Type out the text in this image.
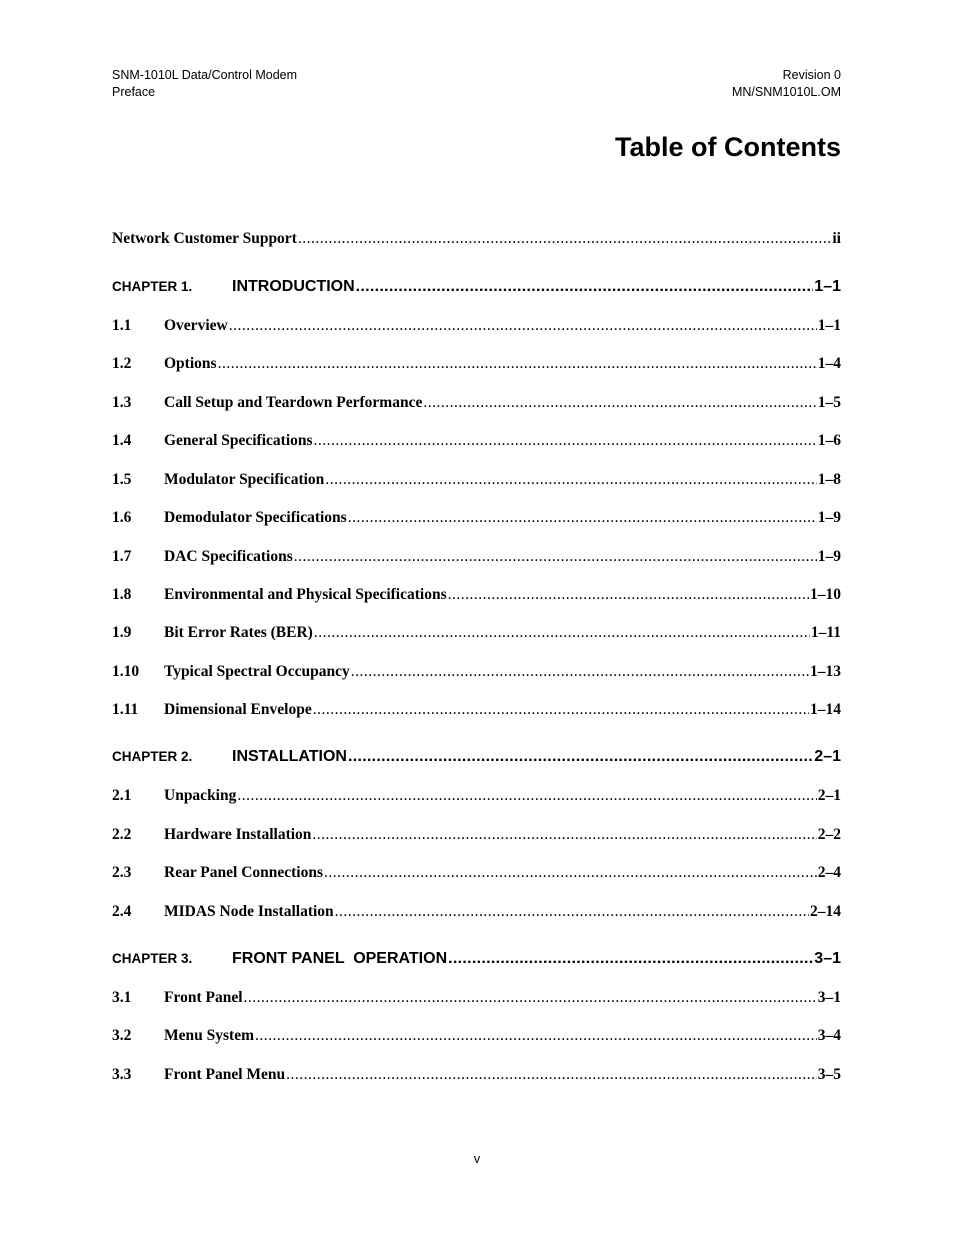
SNM-1010L Data/Control Modem
Preface
Revision 0
MN/SNM1010L.OM
Table of Contents
Network Customer Support .....	ii
CHAPTER 1.	INTRODUCTION .....	1–1
1.1	Overview .....	1–1
1.2	Options .....	1–4
1.3	Call Setup and Teardown Performance .....	1–5
1.4	General Specifications .....	1–6
1.5	Modulator Specification .....	1–8
1.6	Demodulator Specifications .....	1–9
1.7	DAC Specifications .....	1–9
1.8	Environmental and Physical Specifications .....	1–10
1.9	Bit Error Rates (BER) .....	1–11
1.10	Typical Spectral Occupancy .....	1–13
1.11	Dimensional Envelope .....	1–14
CHAPTER 2.	INSTALLATION .....	2–1
2.1	Unpacking .....	2–1
2.2	Hardware Installation .....	2–2
2.3	Rear Panel Connections .....	2–4
2.4	MIDAS Node Installation .....	2–14
CHAPTER 3.	FRONT PANEL  OPERATION .....	3–1
3.1	Front Panel .....	3–1
3.2	Menu System .....	3–4
3.3	Front Panel Menu .....	3–5
v
